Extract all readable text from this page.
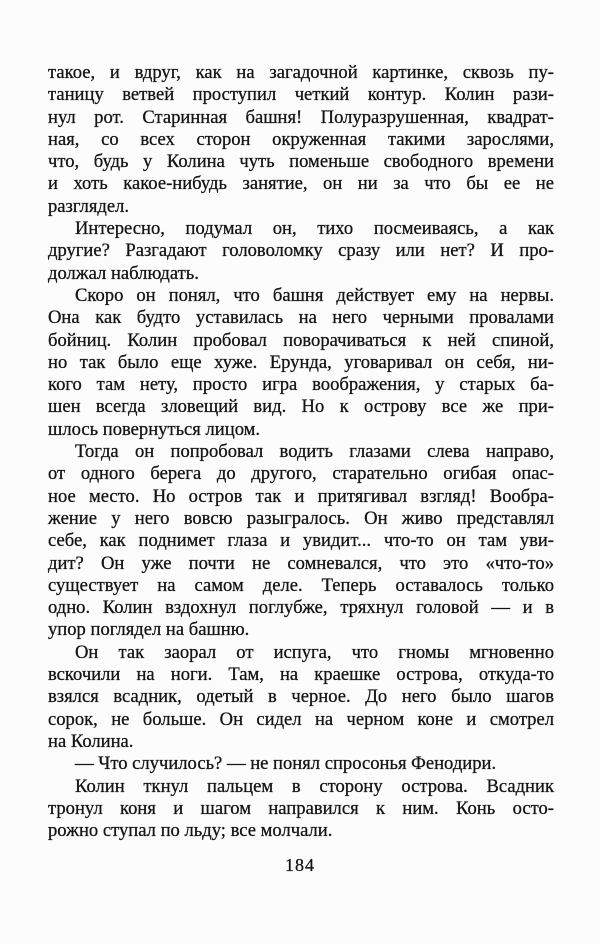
такое, и вдруг, как на загадочной картинке, сквозь пу-
таницу ветвей проступил четкий контур. Колин рази-
нул рот. Старинная башня! Полуразрушенная, квадрат-
ная, со всех сторон окруженная такими зарослями,
что, будь у Колина чуть поменьше свободного времени
и хоть какое-нибудь занятие, он ни за что бы ее не
разглядел.
Интересно, подумал он, тихо посмеиваясь, а как
другие? Разгадают головоломку сразу или нет? И про-
должал наблюдать.
Скоро он понял, что башня действует ему на нервы.
Она как будто уставилась на него черными провалами
бойниц. Колин пробовал поворачиваться к ней спиной,
но так было еще хуже. Ерунда, уговаривал он себя, ни-
кого там нету, просто игра воображения, у старых ба-
шен всегда зловещий вид. Но к острову все же при-
шлось повернуться лицом.
Тогда он попробовал водить глазами слева направо,
от одного берега до другого, старательно огибая опас-
ное место. Но остров так и притягивал взгляд! Вообра-
жение у него вовсю разыгралось. Он живо представлял
себе, как поднимет глаза и увидит... что-то он там уви-
дит? Он уже почти не сомневался, что это «что-то»
существует на самом деле. Теперь оставалось только
одно. Колин вздохнул поглубже, тряхнул головой — и в
упор поглядел на башню.
Он так заорал от испуга, что гномы мгновенно
вскочили на ноги. Там, на краешке острова, откуда-то
взялся всадник, одетый в черное. До него было шагов
сорок, не больше. Он сидел на черном коне и смотрел
на Колина.
— Что случилось? — не понял спросонья Фенодири.
Колин ткнул пальцем в сторону острова. Всадник
тронул коня и шагом направился к ним. Конь осто-
рожно ступал по льду; все молчали.
184
